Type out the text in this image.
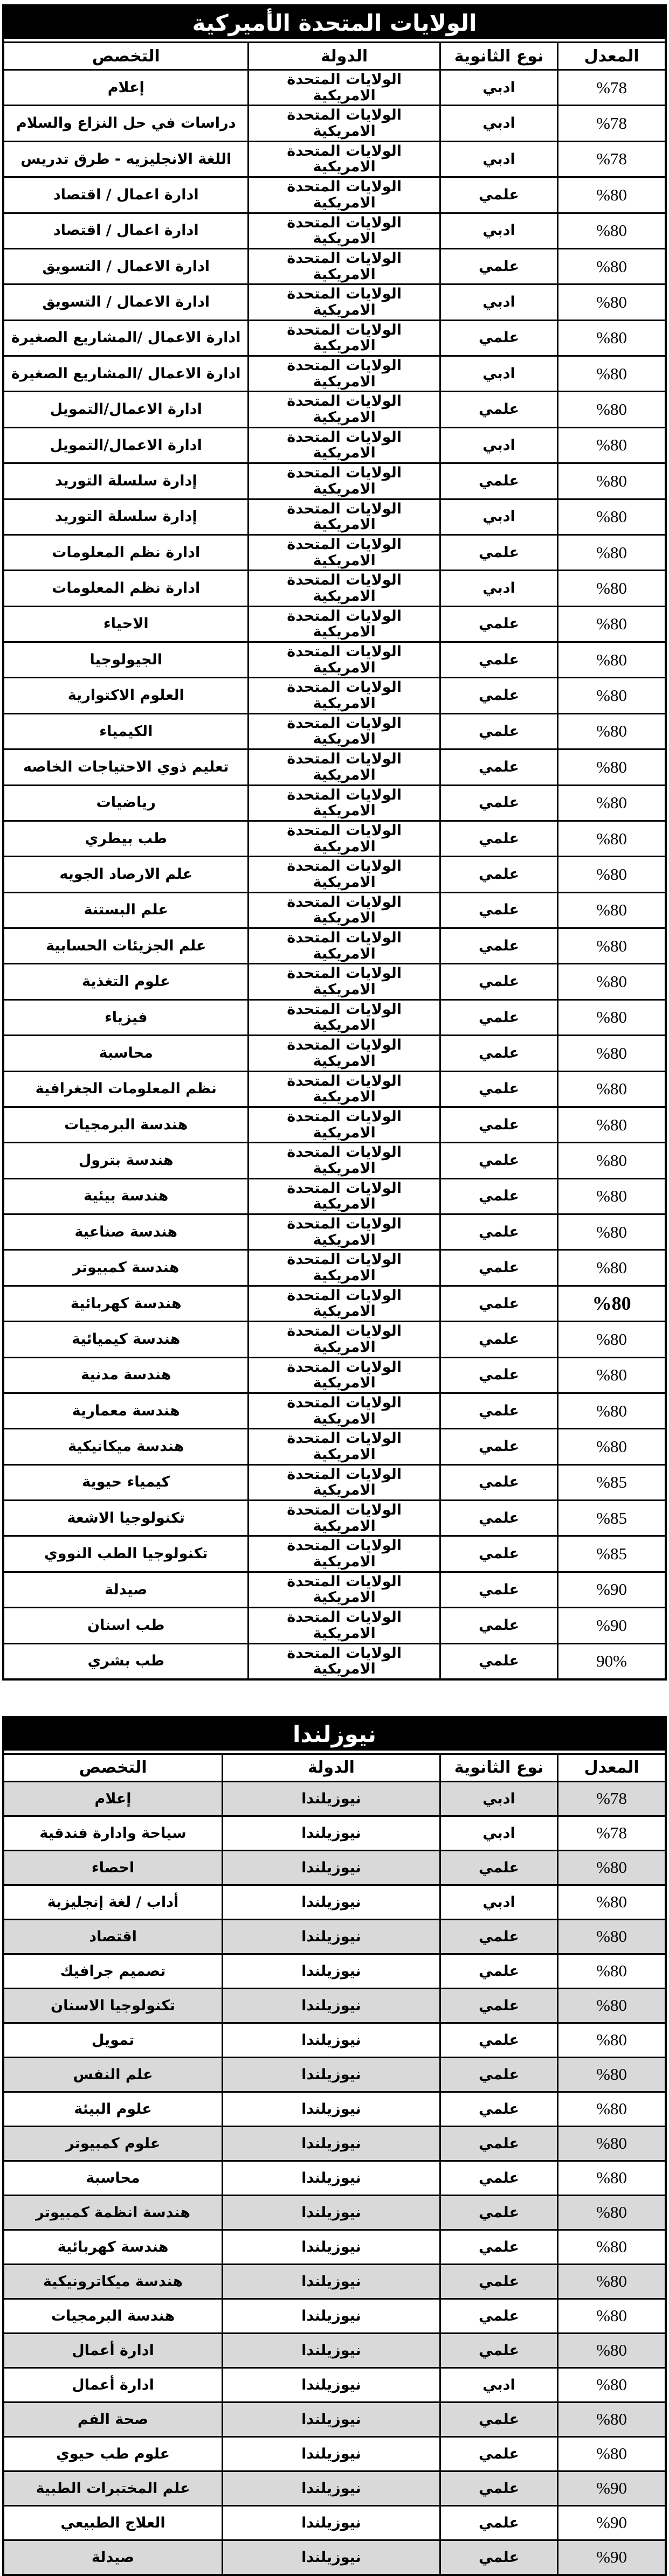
الولايات المتحدة الأميركية
التخصص	الدولة	نوع الثانوية	المعدل
إعلام	الولايات المتحدة الامريكية	ادبي	%78
دراسات في حل النزاع والسلام	الولايات المتحدة الامريكية	ادبي	%78
اللغة الانجليزيه - طرق تدريس	الولايات المتحدة الامريكية	ادبي	%78
ادارة اعمال / اقتصاد	الولايات المتحدة الامريكية	علمي	%80
ادارة اعمال / اقتصاد	الولايات المتحدة الامريكية	ادبي	%80
ادارة الاعمال / التسويق	الولايات المتحدة الامريكية	علمي	%80
ادارة الاعمال / التسويق	الولايات المتحدة الامريكية	ادبي	%80
ادارة الاعمال /المشاريع الصغيرة	الولايات المتحدة الامريكية	علمي	%80
ادارة الاعمال /المشاريع الصغيرة	الولايات المتحدة الامريكية	ادبي	%80
ادارة الاعمال/التمويل	الولايات المتحدة الامريكية	علمي	%80
ادارة الاعمال/التمويل	الولايات المتحدة الامريكية	ادبي	%80
إدارة سلسلة التوريد	الولايات المتحدة الامريكية	علمي	%80
إدارة سلسلة التوريد	الولايات المتحدة الامريكية	ادبي	%80
ادارة نظم المعلومات	الولايات المتحدة الامريكية	علمي	%80
ادارة نظم المعلومات	الولايات المتحدة الامريكية	ادبي	%80
الاحياء	الولايات المتحدة الامريكية	علمي	%80
الجيولوجيا	الولايات المتحدة الامريكية	علمي	%80
العلوم الاكتوارية	الولايات المتحدة الامريكية	علمي	%80
الكيمياء	الولايات المتحدة الامريكية	علمي	%80
تعليم ذوي الاحتياجات الخاصه	الولايات المتحدة الامريكية	علمي	%80
رياضيات	الولايات المتحدة الامريكية	علمي	%80
طب بيطري	الولايات المتحدة الامريكية	علمي	%80
علم الارصاد الجويه	الولايات المتحدة الامريكية	علمي	%80
علم البستنة	الولايات المتحدة الامريكية	علمي	%80
علم الجزيئات الحسابية	الولايات المتحدة الامريكية	علمي	%80
علوم التغذية	الولايات المتحدة الامريكية	علمي	%80
فيزياء	الولايات المتحدة الامريكية	علمي	%80
محاسبة	الولايات المتحدة الامريكية	علمي	%80
نظم المعلومات الجغرافية	الولايات المتحدة الامريكية	علمي	%80
هندسة البرمجيات	الولايات المتحدة الامريكية	علمي	%80
هندسة بترول	الولايات المتحدة الامريكية	علمي	%80
هندسة بيئية	الولايات المتحدة الامريكية	علمي	%80
هندسة صناعية	الولايات المتحدة الامريكية	علمي	%80
هندسة كمبيوتر	الولايات المتحدة الامريكية	علمي	%80
هندسة كهربائية	الولايات المتحدة الامريكية	علمي	%80
هندسة كيميائية	الولايات المتحدة الامريكية	علمي	%80
هندسة مدنية	الولايات المتحدة الامريكية	علمي	%80
هندسة معمارية	الولايات المتحدة الامريكية	علمي	%80
هندسة ميكانيكية	الولايات المتحدة الامريكية	علمي	%80
كيمياء حيوية	الولايات المتحدة الامريكية	علمي	%85
تكنولوجيا الاشعة	الولايات المتحدة الامريكية	علمي	%85
تكنولوجيا الطب النووي	الولايات المتحدة الامريكية	علمي	%85
صيدلة	الولايات المتحدة الامريكية	علمي	%90
طب اسنان	الولايات المتحدة الامريكية	علمي	%90
طب بشري	الولايات المتحدة الامريكية	علمي	90%
نيوزلندا
التخصص	الدولة	نوع الثانوية	المعدل
إعلام	نيوزيلندا	ادبي	%78
سياحة وادارة فندقية	نيوزيلندا	ادبي	%78
احصاء	نيوزيلندا	علمي	%80
أداب / لغة إنجليزية	نيوزيلندا	ادبي	%80
اقتصاد	نيوزيلندا	علمي	%80
تصميم جرافيك	نيوزيلندا	علمي	%80
تكنولوجيا الاسنان	نيوزيلندا	علمي	%80
تمويل	نيوزيلندا	علمي	%80
علم النفس	نيوزيلندا	علمي	%80
علوم البيئة	نيوزيلندا	علمي	%80
علوم كمبيوتر	نيوزيلندا	علمي	%80
محاسبة	نيوزيلندا	علمي	%80
هندسة انظمة كمبيوتر	نيوزيلندا	علمي	%80
هندسة كهربائية	نيوزيلندا	علمي	%80
هندسة ميكاترونيكية	نيوزيلندا	علمي	%80
هندسة البرمجيات	نيوزيلندا	علمي	%80
ادارة أعمال	نيوزيلندا	علمي	%80
ادارة أعمال	نيوزيلندا	ادبي	%80
صحة الفم	نيوزيلندا	علمي	%80
علوم طب حيوي	نيوزيلندا	علمي	%80
علم المختبرات الطبية	نيوزيلندا	علمي	%90
العلاج الطبيعي	نيوزيلندا	علمي	%90
صيدلة	نيوزيلندا	علمي	%90
